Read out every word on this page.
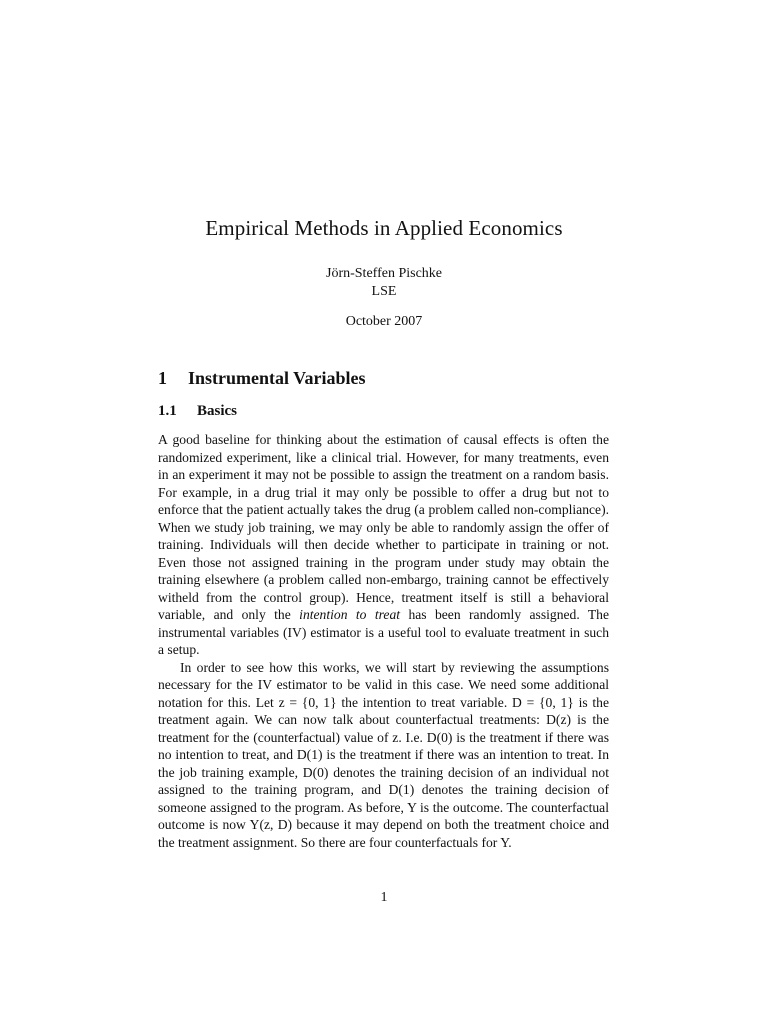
Empirical Methods in Applied Economics
Jörn-Steffen Pischke
LSE
October 2007
1 Instrumental Variables
1.1 Basics

A good baseline for thinking about the estimation of causal effects is often the randomized experiment, like a clinical trial. However, for many treatments, even in an experiment it may not be possible to assign the treatment on a random basis. For example, in a drug trial it may only be possible to offer a drug but not to enforce that the patient actually takes the drug (a problem called non-compliance). When we study job training, we may only be able to randomly assign the offer of training. Individuals will then decide whether to participate in training or not. Even those not assigned training in the program under study may obtain the training elsewhere (a problem called non-embargo, training cannot be effectively witheld from the control group). Hence, treatment itself is still a behavioral variable, and only the intention to treat has been randomly assigned. The instrumental variables (IV) estimator is a useful tool to evaluate treatment in such a setup.

In order to see how this works, we will start by reviewing the assumptions necessary for the IV estimator to be valid in this case. We need some additional notation for this. Let z = {0, 1} the intention to treat variable. D = {0, 1} is the treatment again. We can now talk about counterfactual treatments: D(z) is the treatment for the (counterfactual) value of z. I.e. D(0) is the treatment if there was no intention to treat, and D(1) is the treatment if there was an intention to treat. In the job training example, D(0) denotes the training decision of an individual not assigned to the training program, and D(1) denotes the training decision of someone assigned to the program. As before, Y is the outcome. The counterfactual outcome is now Y(z, D) because it may depend on both the treatment choice and the treatment assignment. So there are four counterfactuals for Y.

1
